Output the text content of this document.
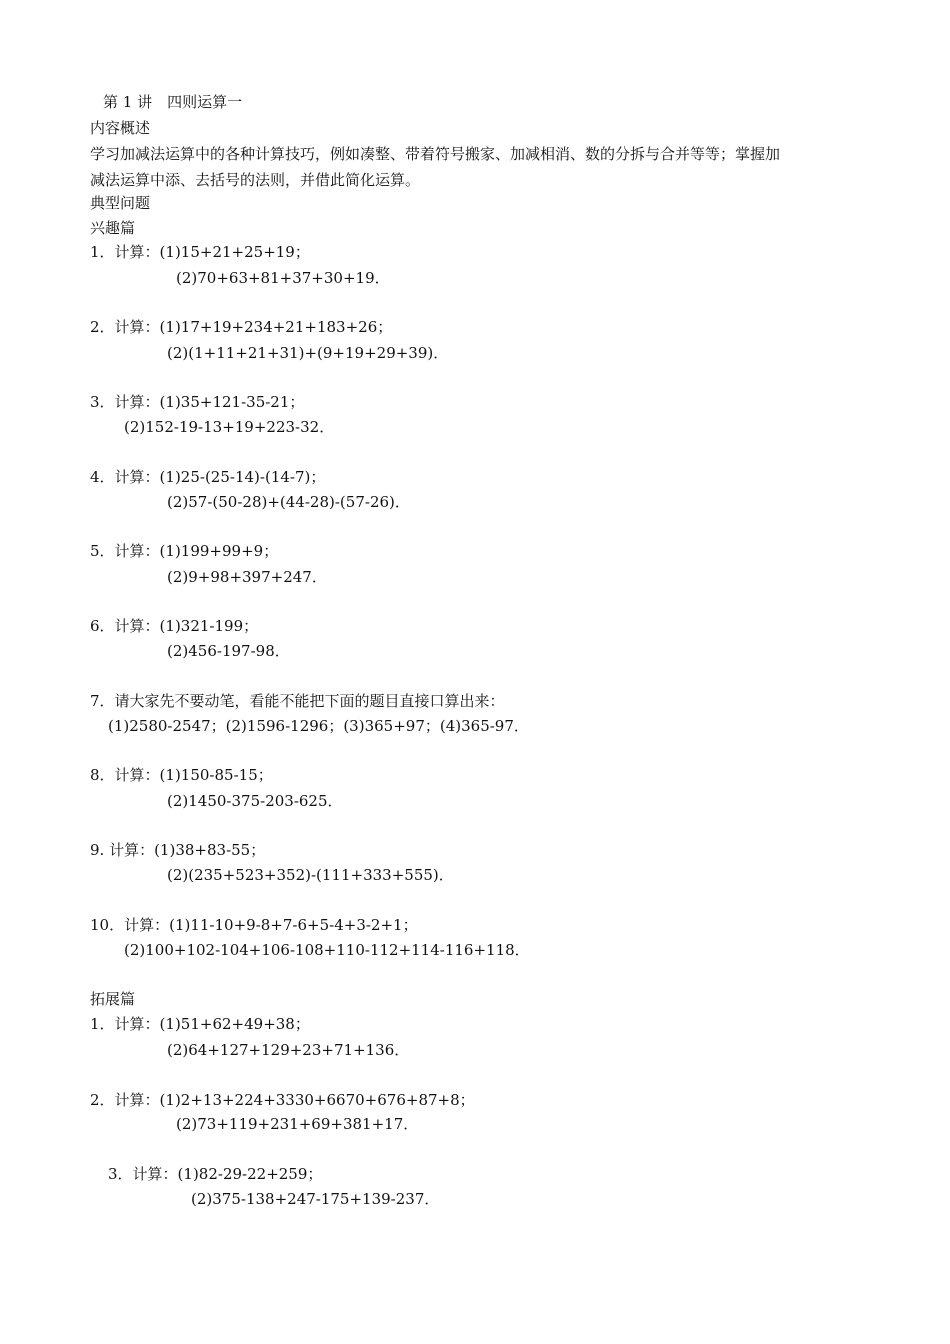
第 1 讲　四则运算一
内容概述
学习加减法运算中的各种计算技巧，例如凑整、带着符号搬家、加减相消、数的分拆与合并等等；掌握加
减法运算中添、去括号的法则，并借此简化运算。
典型问题
兴趣篇
1．计算：(1)15+21+25+19；
(2)70+63+81+37+30+19．
2．计算：(1)17+19+234+21+183+26；
(2)(1+11+21+31)+(9+19+29+39)．
3．计算：(1)35+121-35-21；
(2)152-19-13+19+223-32．
4．计算：(1)25-(25-14)-(14-7)；
(2)57-(50-28)+(44-28)-(57-26)．
5．计算：(1)199+99+9；
(2)9+98+397+247．
6．计算：(1)321-199；
(2)456-197-98．
7．请大家先不要动笔，看能不能把下面的题目直接口算出来：
(1)2580-2547；(2)1596-1296；(3)365+97；(4)365-97．
8．计算：(1)150-85-15；
(2)1450-375-203-625．
9. 计算：(1)38+83-55；
(2)(235+523+352)-(111+333+555)．
10．计算：(1)11-10+9-8+7-6+5-4+3-2+1；
(2)100+102-104+106-108+110-112+114-116+118．
拓展篇
1．计算：(1)51+62+49+38；
(2)64+127+129+23+71+136．
2．计算：(1)2+13+224+3330+6670+676+87+8；
(2)73+119+231+69+381+17．
3．计算：(1)82-29-22+259；
(2)375-138+247-175+139-237．
